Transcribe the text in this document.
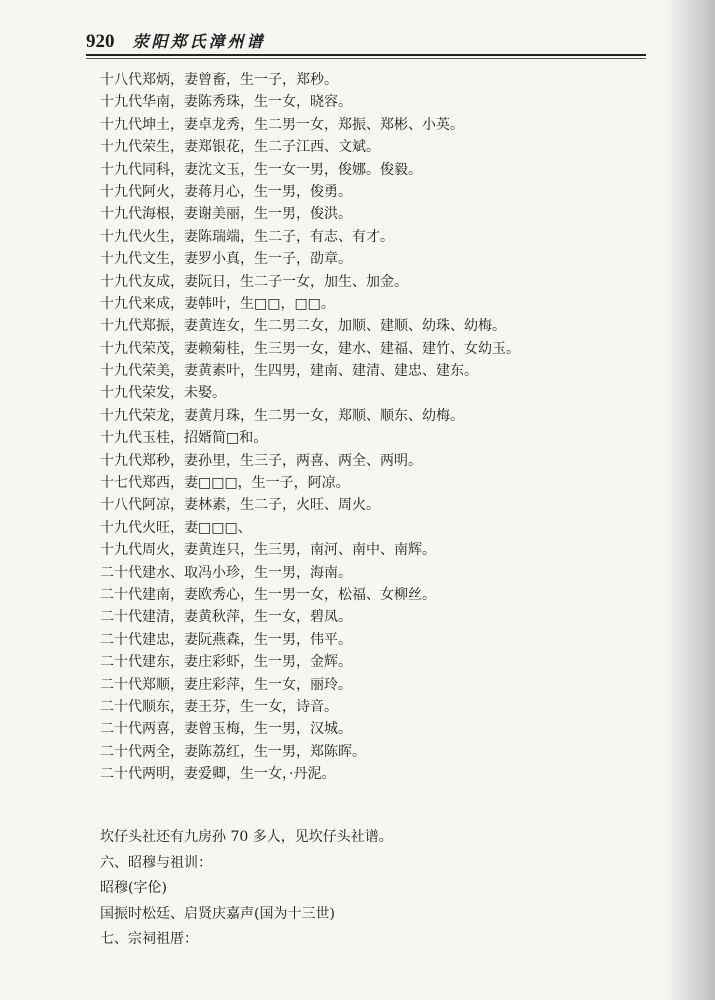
920 荥阳郑氏漳州谱
十八代郑炳，妻曾畜，生一子，郑秒。
十九代华南，妻陈秀珠，生一女，晓容。
十九代坤土，妻卓龙秀，生二男一女，郑振、郑彬、小英。
十九代荣生，妻郑银花，生二子江西、文斌。
十九代同科，妻沈文玉，生一女一男，俊娜。俊毅。
十九代阿火，妻蒋月心，生一男，俊勇。
十九代海根，妻谢美丽，生一男，俊洪。
十九代火生，妻陈瑞端，生二子，有志、有才。
十九代文生，妻罗小真，生一子，劭章。
十九代友成，妻阮日，生二子一女，加生、加金。
十九代来成，妻韩叶，生□□，□□。
十九代郑振，妻黄连女，生二男二女，加顺、建顺、幼珠、幼梅。
十九代荣茂，妻赖菊桂，生三男一女，建水、建福、建竹、女幼玉。
十九代荣美，妻黄素叶，生四男，建南、建清、建忠、建东。
十九代荣发，未娶。
十九代荣龙，妻黄月珠，生二男一女，郑顺、顺东、幼梅。
十九代玉桂，招婿简□和。
十九代郑秒，妻孙里，生三子，两喜、两全、两明。
十七代郑西，妻□□□，生一子，阿凉。
十八代阿凉，妻林素，生二子，火旺、周火。
十九代火旺，妻□□□、
十九代周火，妻黄连只，生三男，南河、南中、南辉。
二十代建水、取冯小珍，生一男，海南。
二十代建南，妻欧秀心，生一男一女，松福、女柳丝。
二十代建清，妻黄秋萍，生一女，碧凤。
二十代建忠，妻阮燕森，生一男，伟平。
二十代建东，妻庄彩虾，生一男，金辉。
二十代郑顺，妻庄彩萍，生一女，丽玲。
二十代顺东，妻王芬，生一女，诗音。
二十代两喜，妻曾玉梅，生一男，汉城。
二十代两全，妻陈荔红，生一男，郑陈晖。
二十代两明，妻爱卿，生一女，·丹泥。
坎仔头社还有九房孙 70 多人，见坎仔头社谱。
六、昭穆与祖训：
昭穆(字伦)
国振时松廷、启贤庆嘉声(国为十三世)
七、宗祠祖厝：
